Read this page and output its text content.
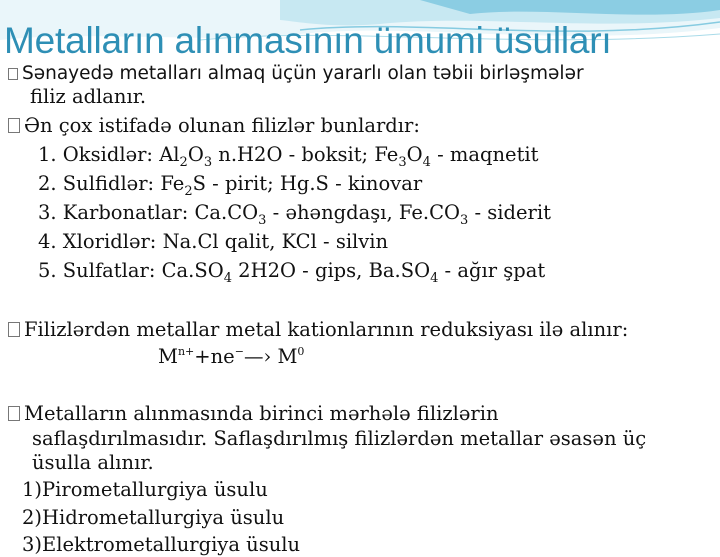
Metalların alınmasının ümumi üsulları
Sənayedə metalları almaq üçün yararlı olan təbii birləşmələr
filiz adlanır.
Ən çox istifadə olunan filizlər bunlardır:
1. Oksidlər: $Al_2O_3$ n.H2O - boksit; $Fe_3O_4$ - maqnetit
2. Sulfidlər: $Fe_2S$ - pirit; Hg.S - kinovar
3. Karbonatlar: $Ca.CO_3$ - əhəngdaşı, $Fe.CO_3$ - siderit
4. Xloridlər: Na.Cl qalit, KCl - silvin
5. Sulfatlar: $Ca.SO_4$ 2H2O - gips, $Ba.SO_4$ - ağır şpat
Filizlərdən metallar metal kationlarının reduksiyası ilə alınır:
$M^{n+}+ne^-—›$ $M^0$
Metalların alınmasında birinci mərhələ filizlərin
saflaşdırılmasıdır. Saflaşdırılmış filizlərdən metallar əsasən üç
üsulla alınır.
1)Pirometallurgiya üsulu
2)Hidrometallurgiya üsulu
3)Elektrometallurgiya üsulu
